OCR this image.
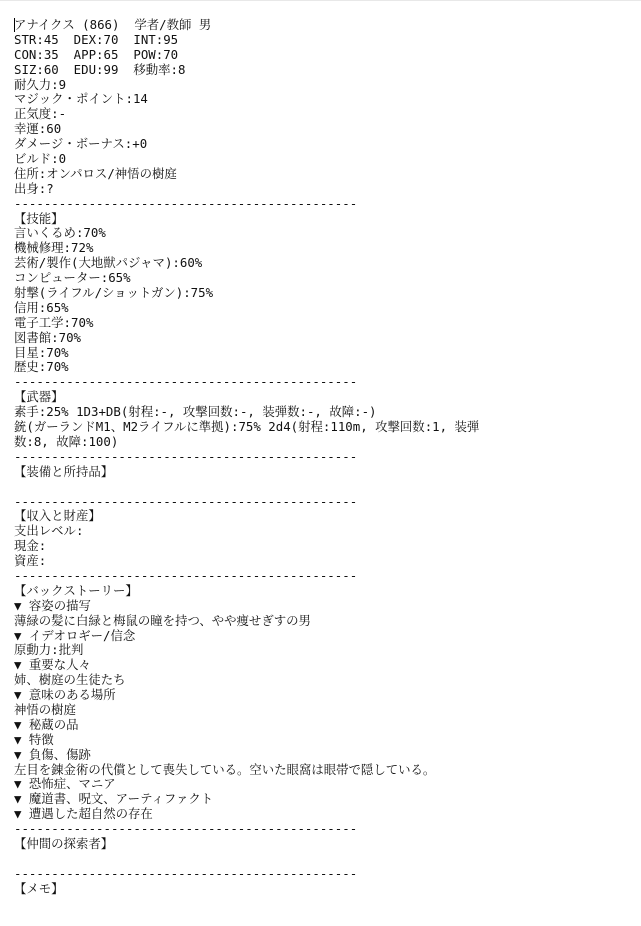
アナイクス (866)  学者/教師 男
STR:45  DEX:70  INT:95
CON:35  APP:65  POW:70
SIZ:60  EDU:99  移動率:8
耐久力:9
マジック・ポイント:14
正気度:-
幸運:60
ダメージ・ボーナス:+0
ビルド:0
住所:オンパロス/神悟の樹庭
出身:?
----------------------------------------------
【技能】
言いくるめ:70%
機械修理:72%
芸術/製作(大地獣パジャマ):60%
コンピューター:65%
射撃(ライフル/ショットガン):75%
信用:65%
電子工学:70%
図書館:70%
目星:70%
歴史:70%
----------------------------------------------
【武器】
素手:25% 1D3+DB(射程:-, 攻撃回数:-, 装弾数:-, 故障:-)
銃(ガーランドM1、M2ライフルに準拠):75% 2d4(射程:110m, 攻撃回数:1, 装弾
数:8, 故障:100)
----------------------------------------------
【装備と所持品】
----------------------------------------------
【収入と財産】
支出レベル:
現金:
資産:
----------------------------------------------
【バックストーリー】
▼ 容姿の描写
薄緑の髪に白緑と梅鼠の瞳を持つ、やや痩せぎすの男
▼ イデオロギー/信念
原動力:批判
▼ 重要な人々
姉、樹庭の生徒たち
▼ 意味のある場所
神悟の樹庭
▼ 秘蔵の品
▼ 特徴
▼ 負傷、傷跡
左目を錬金術の代償として喪失している。空いた眼窩は眼帯で隠している。
▼ 恐怖症、マニア
▼ 魔道書、呪文、アーティファクト
▼ 遭遇した超自然の存在
----------------------------------------------
【仲間の探索者】
----------------------------------------------
【メモ】
